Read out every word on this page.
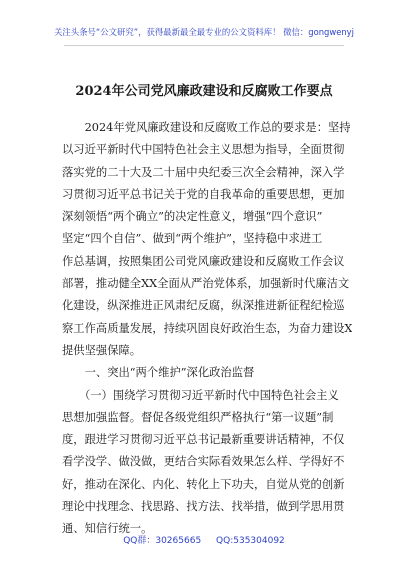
关注头条号“公文研究”，获得最新最全最专业的公文资料库！ 微信：gongwenyj
2024年公司党风廉政建设和反腐败工作要点
　　2024年党风廉政建设和反腐败工作总的要求是：坚持
以习近平新时代中国特色社会主义思想为指导，全面贯彻
落实党的二十大及二十届中央纪委三次全会精神，深入学
习贯彻习近平总书记关于党的自我革命的重要思想，更加
深刻领悟“两个确立”的决定性意义，增强“四个意识”
坚定“四个自信”、做到“两个维护”，坚持稳中求进工
作总基调，按照集团公司党风廉政建设和反腐败工作会议
部署，推动健全XX全面从严治党体系，加强新时代廉洁文
化建设，纵深推进正风肃纪反腐，纵深推进新征程纪检巡
察工作高质量发展，持续巩固良好政治生态，为奋力建设X
提供坚强保障。
　　一、突出“两个维护”深化政治监督
　　（一）围绕学习贯彻习近平新时代中国特色社会主义
思想加强监督。督促各级党组织严格执行“第一议题”制
度，跟进学习贯彻习近平总书记最新重要讲话精神，不仅
看学没学、做没做，更结合实际看效果怎么样、学得好不
好，推动在深化、内化、转化上下功夫，自觉从党的创新
理论中找理念、找思路、找方法、找举措，做到学思用贯
通、知信行统一。
QQ群：30265665 QQ:535304092
